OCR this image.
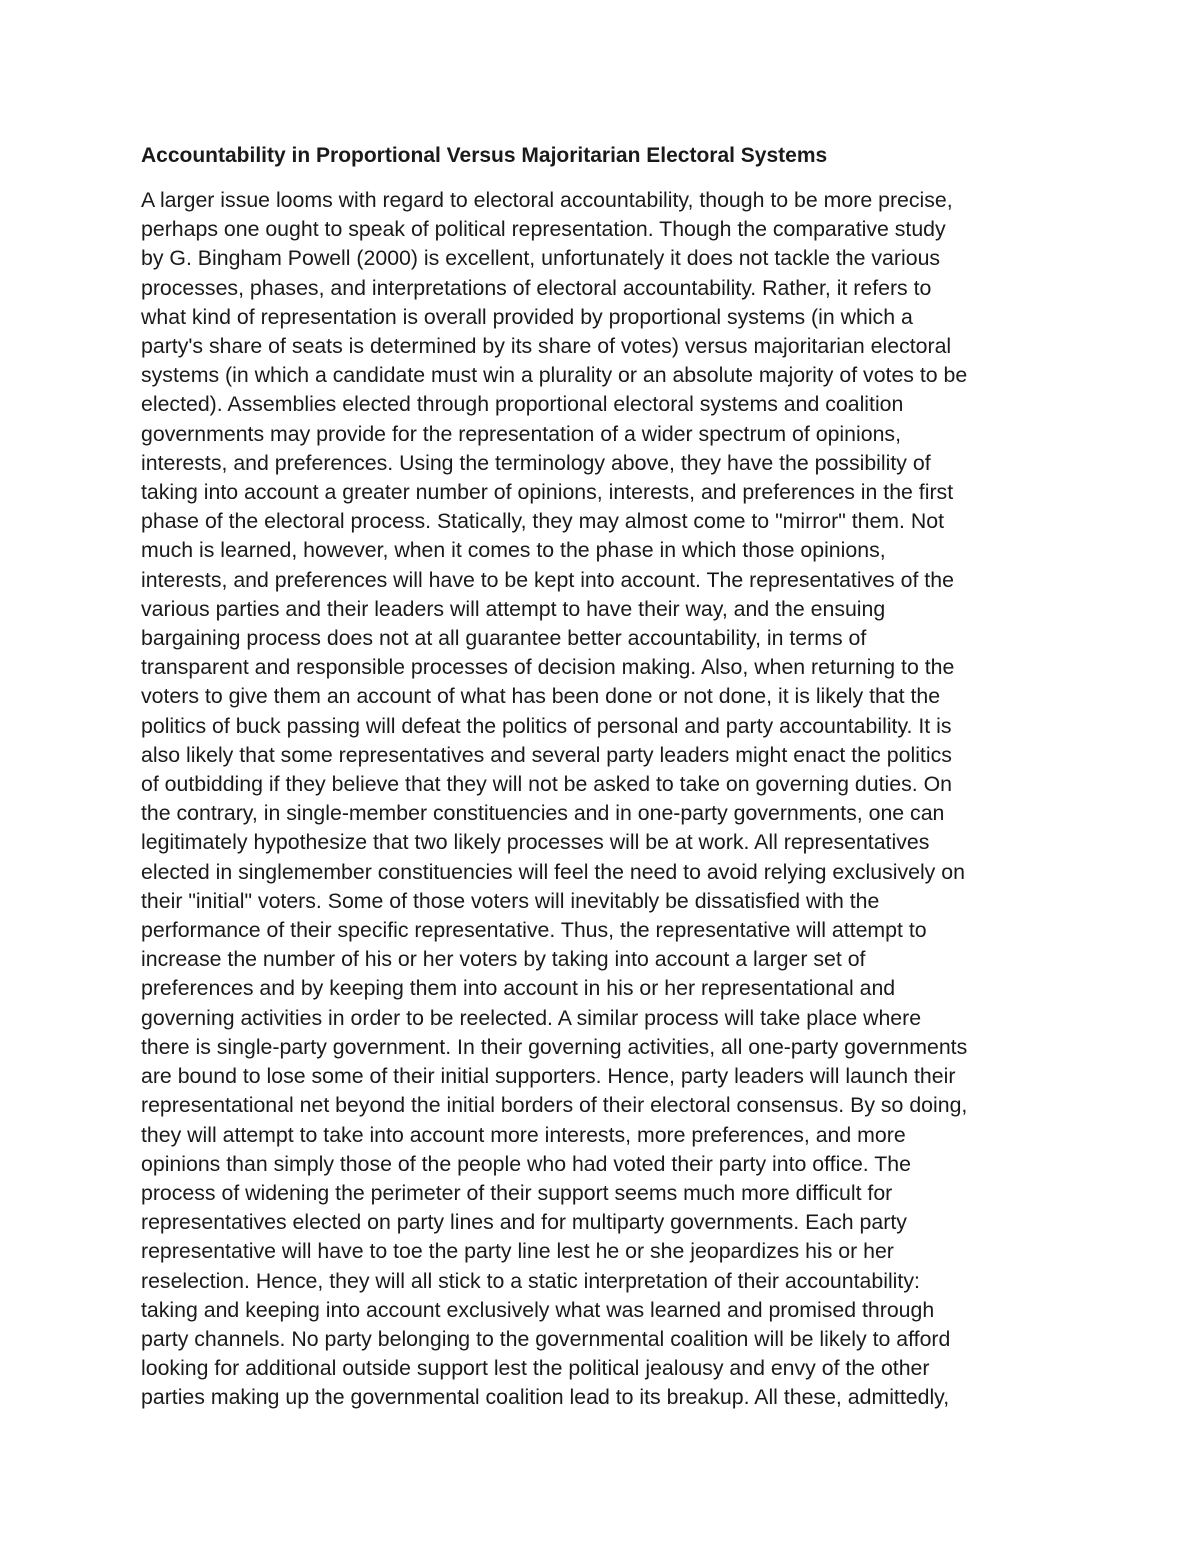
Accountability in Proportional Versus Majoritarian Electoral Systems

A larger issue looms with regard to electoral accountability, though to be more precise,
perhaps one ought to speak of political representation. Though the comparative study
by G. Bingham Powell (2000) is excellent, unfortunately it does not tackle the various
processes, phases, and interpretations of electoral accountability. Rather, it refers to
what kind of representation is overall provided by proportional systems (in which a
party's share of seats is determined by its share of votes) versus majoritarian electoral
systems (in which a candidate must win a plurality or an absolute majority of votes to be
elected). Assemblies elected through proportional electoral systems and coalition
governments may provide for the representation of a wider spectrum of opinions,
interests, and preferences. Using the terminology above, they have the possibility of
taking into account a greater number of opinions, interests, and preferences in the first
phase of the electoral process. Statically, they may almost come to "mirror" them. Not
much is learned, however, when it comes to the phase in which those opinions,
interests, and preferences will have to be kept into account. The representatives of the
various parties and their leaders will attempt to have their way, and the ensuing
bargaining process does not at all guarantee better accountability, in terms of
transparent and responsible processes of decision making. Also, when returning to the
voters to give them an account of what has been done or not done, it is likely that the
politics of buck passing will defeat the politics of personal and party accountability. It is
also likely that some representatives and several party leaders might enact the politics
of outbidding if they believe that they will not be asked to take on governing duties. On
the contrary, in single-member constituencies and in one-party governments, one can
legitimately hypothesize that two likely processes will be at work. All representatives
elected in singlemember constituencies will feel the need to avoid relying exclusively on
their "initial" voters. Some of those voters will inevitably be dissatisfied with the
performance of their specific representative. Thus, the representative will attempt to
increase the number of his or her voters by taking into account a larger set of
preferences and by keeping them into account in his or her representational and
governing activities in order to be reelected. A similar process will take place where
there is single-party government. In their governing activities, all one-party governments
are bound to lose some of their initial supporters. Hence, party leaders will launch their
representational net beyond the initial borders of their electoral consensus. By so doing,
they will attempt to take into account more interests, more preferences, and more
opinions than simply those of the people who had voted their party into office. The
process of widening the perimeter of their support seems much more difficult for
representatives elected on party lines and for multiparty governments. Each party
representative will have to toe the party line lest he or she jeopardizes his or her
reselection. Hence, they will all stick to a static interpretation of their accountability:
taking and keeping into account exclusively what was learned and promised through
party channels. No party belonging to the governmental coalition will be likely to afford
looking for additional outside support lest the political jealousy and envy of the other
parties making up the governmental coalition lead to its breakup. All these, admittedly,
